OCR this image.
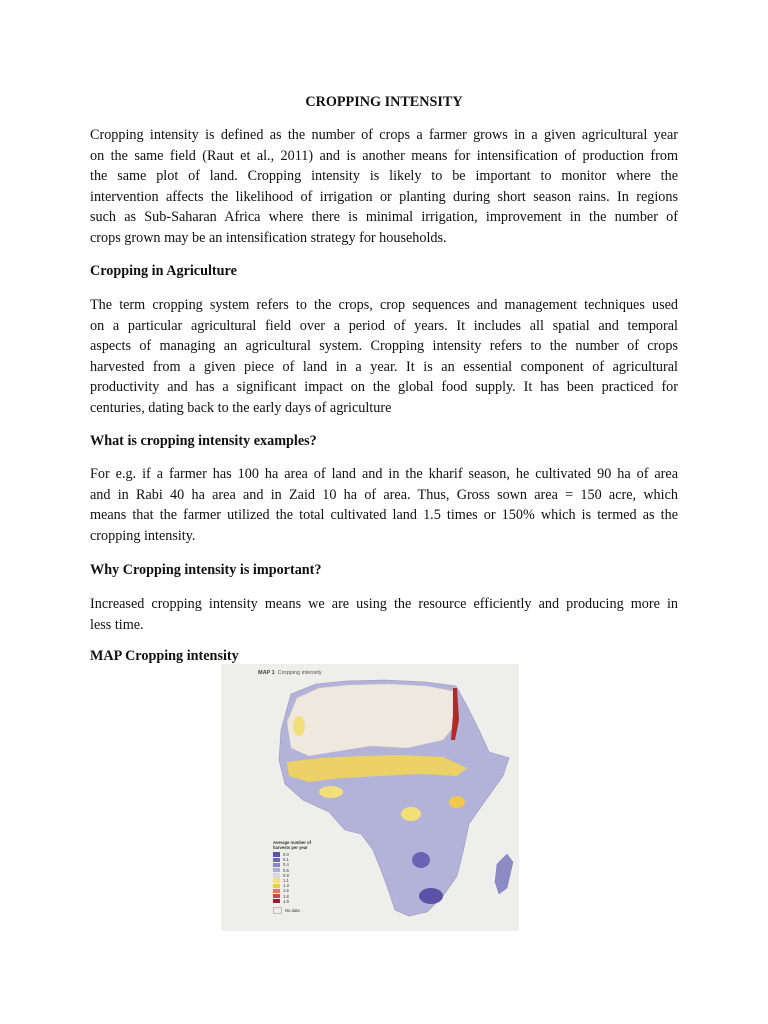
CROPPING INTENSITY
Cropping intensity is defined as the number of crops a farmer grows in a given agricultural year
on the same field (Raut et al., 2011) and is another means for intensification of production from
the same plot of land. Cropping intensity is likely to be important to monitor where the
intervention affects the likelihood of irrigation or planting during short season rains. In regions
such as Sub-Saharan Africa where there is minimal irrigation, improvement in the number of
crops grown may be an intensification strategy for households.
Cropping in Agriculture
The term cropping system refers to the crops, crop sequences and management techniques used
on a particular agricultural field over a period of years. It includes all spatial and temporal
aspects of managing an agricultural system. Cropping intensity refers to the number of crops
harvested from a given piece of land in a year. It is an essential component of agricultural
productivity and has a significant impact on the global food supply. It has been practiced for
centuries, dating back to the early days of agriculture
What is cropping intensity examples?
For e.g. if a farmer has 100 ha area of land and in the kharif season, he cultivated 90 ha of area
and in Rabi 40 ha area and in Zaid 10 ha of area. Thus, Gross sown area = 150 acre, which
means that the farmer utilized the total cultivated land 1.5 times or 150% which is termed as the
cropping intensity.
Why Cropping intensity is important?
Increased cropping intensity means we are using the resource efficiently and producing more in
less time.
MAP Cropping intensity
MAP 1 Cropping intensity
Average number of harvests per year
0.0
0.1
0.4
0.6
0.9
1.1
1.3
1.5
1.8
1.9
No data
